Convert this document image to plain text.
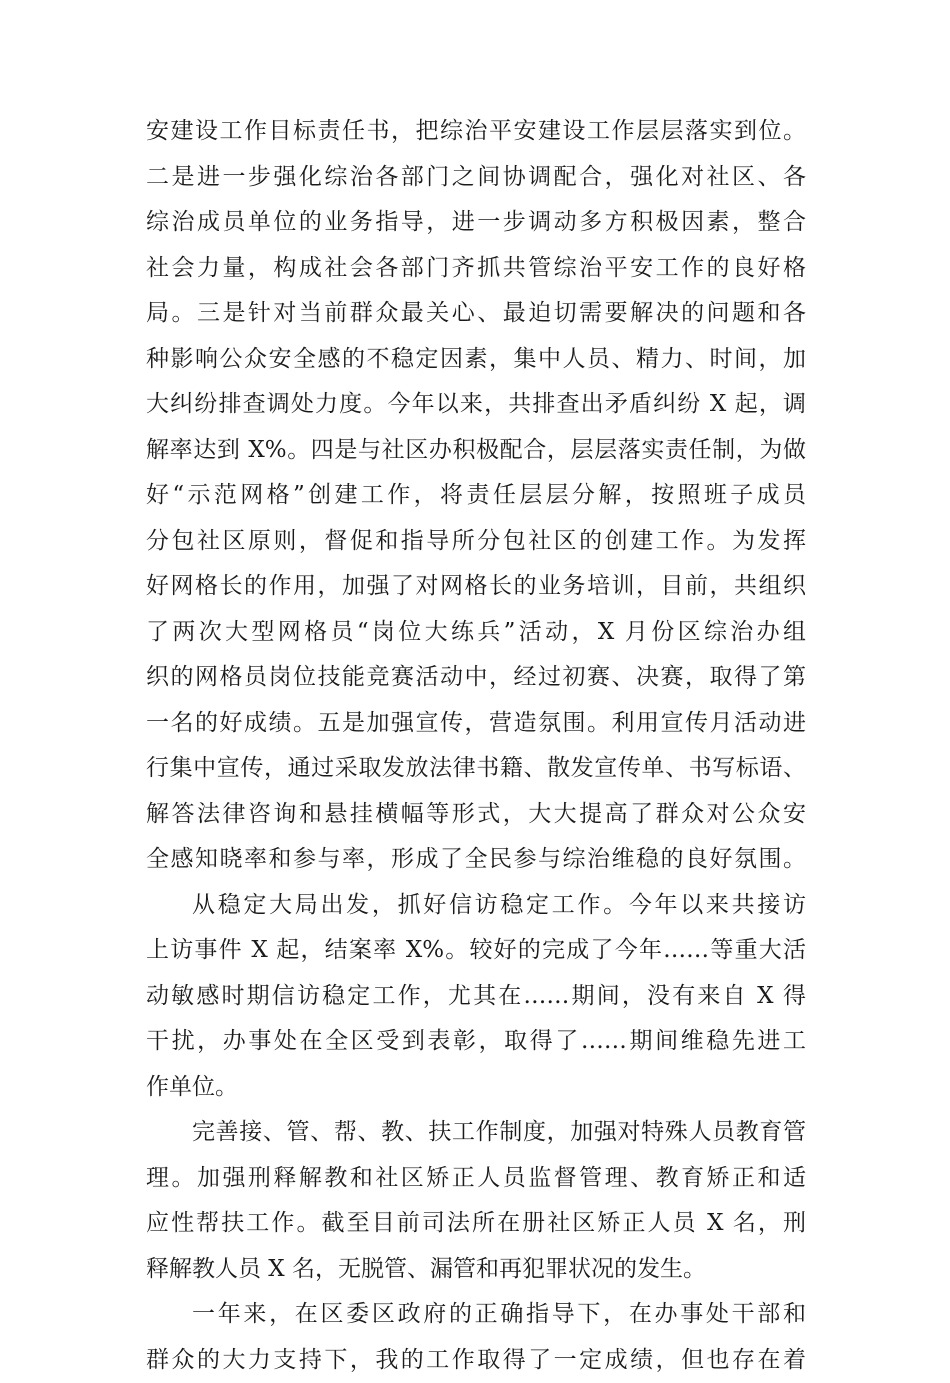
安建设工作目标责任书，把综治平安建设工作层层落实到位。
二是进一步强化综治各部门之间协调配合，强化对社区、各
综治成员单位的业务指导，进一步调动多方积极因素，整合
社会力量，构成社会各部门齐抓共管综治平安工作的良好格
局。三是针对当前群众最关心、最迫切需要解决的问题和各
种影响公众安全感的不稳定因素，集中人员、精力、时间，加
大纠纷排查调处力度。今年以来，共排查出矛盾纠纷 X 起，调
解率达到 X%。四是与社区办积极配合，层层落实责任制，为做
好“示范网格”创建工作，将责任层层分解，按照班子成员
分包社区原则，督促和指导所分包社区的创建工作。为发挥
好网格长的作用，加强了对网格长的业务培训，目前，共组织
了两次大型网格员“岗位大练兵”活动，X 月份区综治办组
织的网格员岗位技能竞赛活动中，经过初赛、决赛，取得了第
一名的好成绩。五是加强宣传，营造氛围。利用宣传月活动进
行集中宣传，通过采取发放法律书籍、散发宣传单、书写标语、
解答法律咨询和悬挂横幅等形式，大大提高了群众对公众安
全感知晓率和参与率，形成了全民参与综治维稳的良好氛围。
从稳定大局出发，抓好信访稳定工作。今年以来共接访
上访事件 X 起，结案率 X%。较好的完成了今年……等重大活
动敏感时期信访稳定工作，尤其在……期间，没有来自 X 得
干扰，办事处在全区受到表彰，取得了……期间维稳先进工
作单位。
完善接、管、帮、教、扶工作制度，加强对特殊人员教育管
理。加强刑释解教和社区矫正人员监督管理、教育矫正和适
应性帮扶工作。截至目前司法所在册社区矫正人员 X 名，刑
释解教人员 X 名，无脱管、漏管和再犯罪状况的发生。
一年来，在区委区政府的正确指导下，在办事处干部和
群众的大力支持下，我的工作取得了一定成绩，但也存在着
